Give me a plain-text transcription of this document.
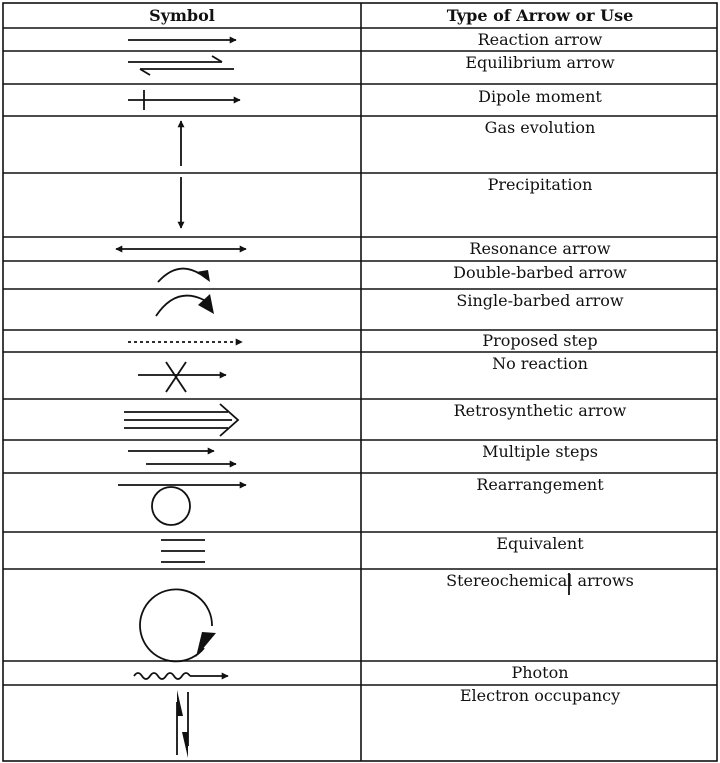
Symbol	Type of Arrow or Use
Reaction arrow
Equilibrium arrow
Dipole moment
Gas evolution
Precipitation
Resonance arrow
Double-barbed arrow
Single-barbed arrow
Proposed step
No reaction
Retrosynthetic arrow
Multiple steps
Rearrangement
Equivalent
Stereochemical arrows
Photon
Electron occupancy
